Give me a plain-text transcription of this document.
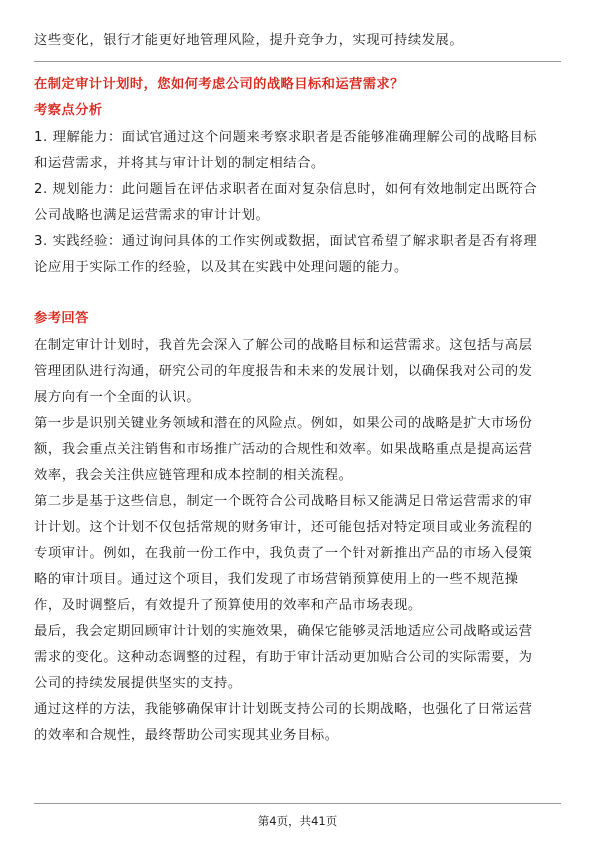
这些变化，银行才能更好地管理风险，提升竞争力，实现可持续发展。
在制定审计计划时，您如何考虑公司的战略目标和运营需求？
考察点分析
1. 理解能力：面试官通过这个问题来考察求职者是否能够准确理解公司的战略目标
和运营需求，并将其与审计计划的制定相结合。
2. 规划能力：此问题旨在评估求职者在面对复杂信息时，如何有效地制定出既符合
公司战略也满足运营需求的审计计划。
3. 实践经验：通过询问具体的工作实例或数据，面试官希望了解求职者是否有将理
论应用于实际工作的经验，以及其在实践中处理问题的能力。
参考回答
在制定审计计划时，我首先会深入了解公司的战略目标和运营需求。这包括与高层
管理团队进行沟通，研究公司的年度报告和未来的发展计划，以确保我对公司的发
展方向有一个全面的认识。
第一步是识别关键业务领域和潜在的风险点。例如，如果公司的战略是扩大市场份
额，我会重点关注销售和市场推广活动的合规性和效率。如果战略重点是提高运营
效率，我会关注供应链管理和成本控制的相关流程。
第二步是基于这些信息，制定一个既符合公司战略目标又能满足日常运营需求的审
计计划。这个计划不仅包括常规的财务审计，还可能包括对特定项目或业务流程的
专项审计。例如，在我前一份工作中，我负责了一个针对新推出产品的市场入侵策
略的审计项目。通过这个项目，我们发现了市场营销预算使用上的一些不规范操
作，及时调整后，有效提升了预算使用的效率和产品市场表现。
最后，我会定期回顾审计计划的实施效果，确保它能够灵活地适应公司战略或运营
需求的变化。这种动态调整的过程，有助于审计活动更加贴合公司的实际需要，为
公司的持续发展提供坚实的支持。
通过这样的方法，我能够确保审计计划既支持公司的长期战略，也强化了日常运营
的效率和合规性，最终帮助公司实现其业务目标。
第4页，共41页
